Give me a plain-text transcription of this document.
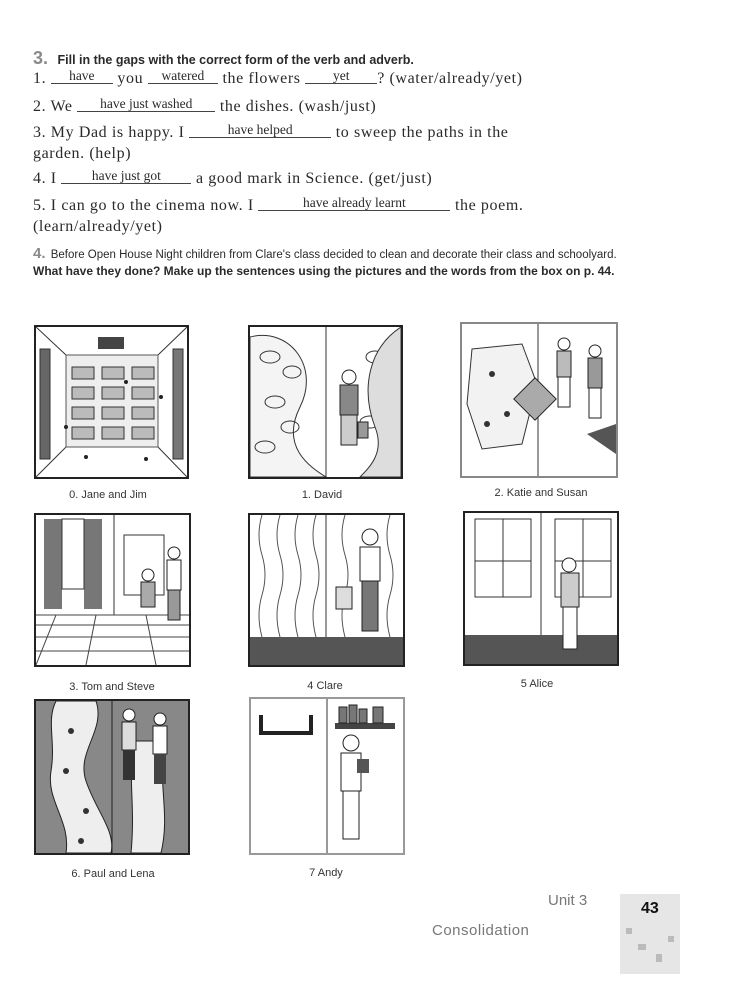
3. Fill in the gaps with the correct form of the verb and adverb.
1. have you watered the flowers yet ? (water/already/yet)
2. We have just washed the dishes. (wash/just)
3. My Dad is happy. I	have helped	to sweep the paths in the
garden. (help)
4. I	have just got a good mark in Science. (get/just)
5. I can go to the cinema now. I	have already learnt	the poem.
(learn/already/yet)
4. Before Open House Night children from Clare's class decided to clean and decorate their class and schoolyard.
What have they done? Make up the sentences using the pictures and the words from the box on p. 44.
0. Jane and Jim	1. David	2. Katie and Susan
3. Tom and Steve	4 Clare	5 Alice
6. Paul and Lena	7 Andy
Unit 3
Consolidation
43
